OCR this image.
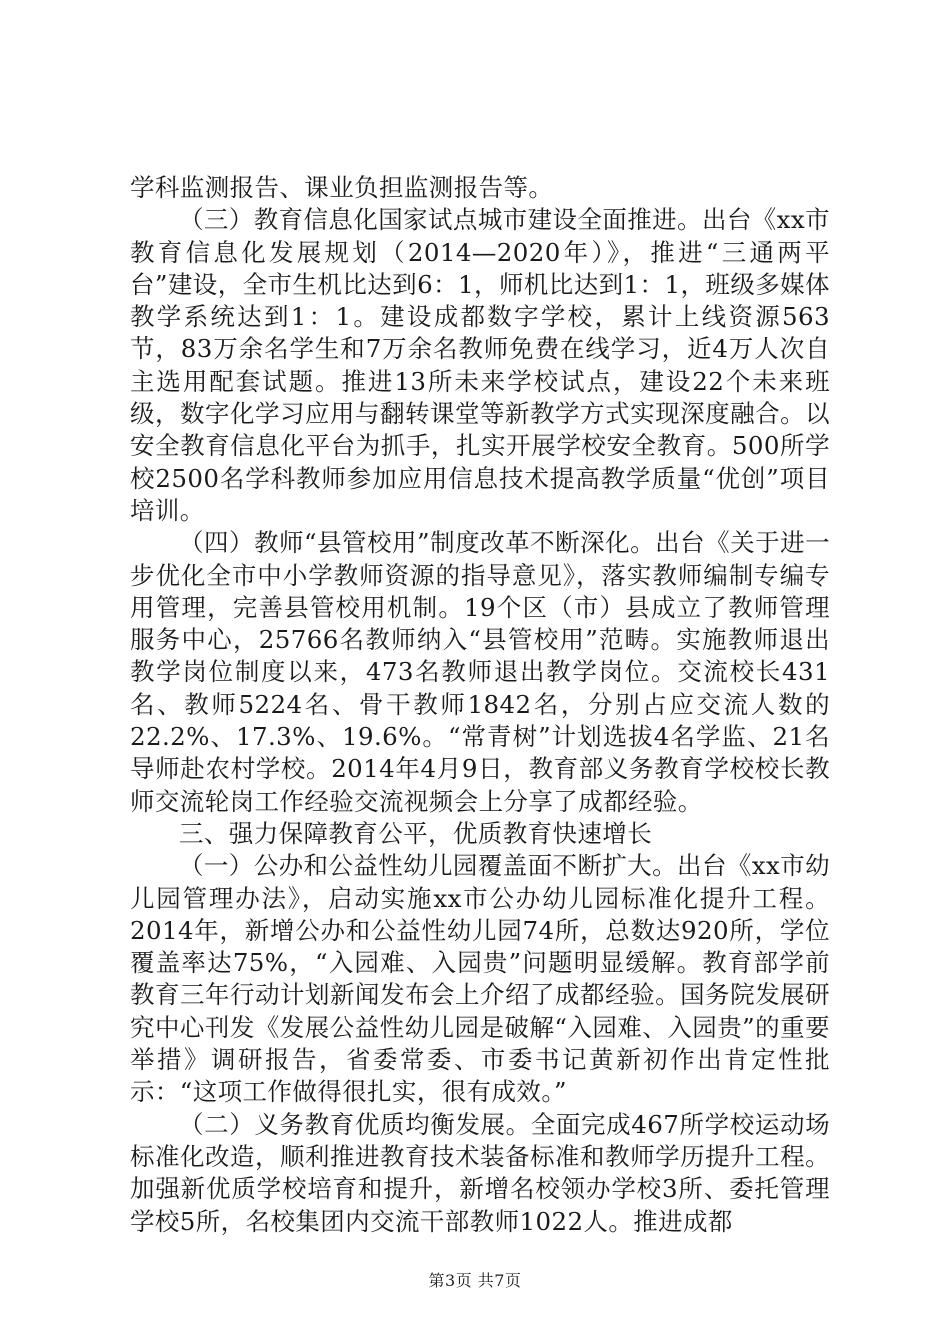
学科监测报告、课业负担监测报告等。

（三）教育信息化国家试点城市建设全面推进。出台《xx市教育信息化发展规划（2014—2020年）》，推进“三通两平台”建设，全市生机比达到6：1，师机比达到1：1，班级多媒体教学系统达到1：1。建设成都数字学校，累计上线资源563节，83万余名学生和7万余名教师免费在线学习，近4万人次自主选用配套试题。推进13所未来学校试点，建设22个未来班级，数字化学习应用与翻转课堂等新教学方式实现深度融合。以安全教育信息化平台为抓手，扎实开展学校安全教育。500所学校2500名学科教师参加应用信息技术提高教学质量“优创”项目培训。

（四）教师“县管校用”制度改革不断深化。出台《关于进一步优化全市中小学教师资源的指导意见》，落实教师编制专编专用管理，完善县管校用机制。19个区（市）县成立了教师管理服务中心，25766名教师纳入“县管校用”范畴。实施教师退出教学岗位制度以来，473名教师退出教学岗位。交流校长431名、教师5224名、骨干教师1842名，分别占应交流人数的22.2%、17.3%、19.6%。“常青树”计划选拔4名学监、21名导师赴农村学校。2014年4月9日，教育部义务教育学校校长教师交流轮岗工作经验交流视频会上分享了成都经验。

三、强力保障教育公平，优质教育快速增长

（一）公办和公益性幼儿园覆盖面不断扩大。出台《xx市幼儿园管理办法》，启动实施xx市公办幼儿园标准化提升工程。2014年，新增公办和公益性幼儿园74所，总数达920所，学位覆盖率达75%，“入园难、入园贵”问题明显缓解。教育部学前教育三年行动计划新闻发布会上介绍了成都经验。国务院发展研究中心刊发《发展公益性幼儿园是破解“入园难、入园贵”的重要举措》调研报告，省委常委、市委书记黄新初作出肯定性批示：“这项工作做得很扎实，很有成效。”

（二）义务教育优质均衡发展。全面完成467所学校运动场标准化改造，顺利推进教育技术装备标准和教师学历提升工程。加强新优质学校培育和提升，新增名校领办学校3所、委托管理学校5所，名校集团内交流干部教师1022人。推进成都

第3页 共7页
